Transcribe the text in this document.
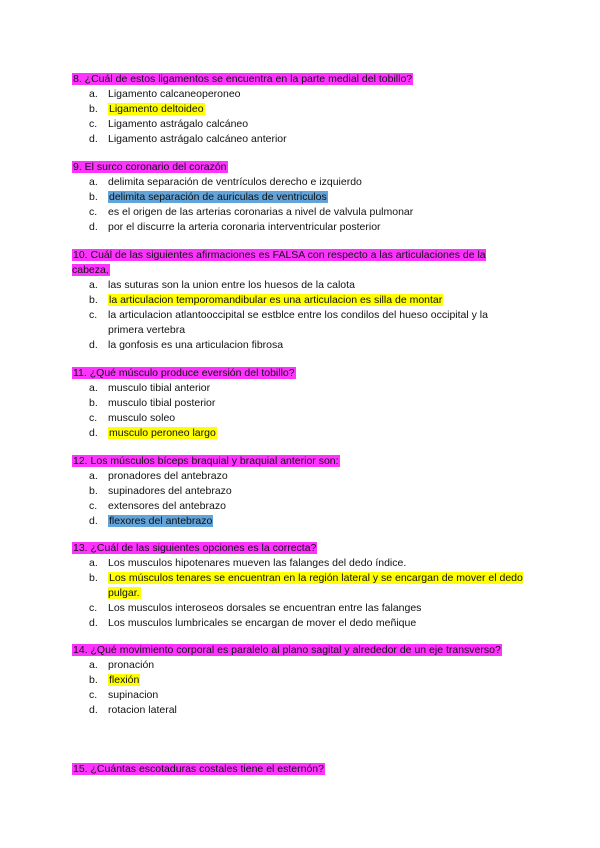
8. ¿Cuál de estos ligamentos se encuentra en la parte medial del tobillo?

a. Ligamento calcaneoperoneo
b. Ligamento deltoideo
c. Ligamento astrágalo calcáneo
d. Ligamento astrágalo calcáneo anterior

9. El surco coronario del corazón

a. delimita separación de ventrículos derecho e izquierdo
b. delimita separación de auriculas de ventriculos
c. es el origen de las arterias coronarias a nivel de valvula pulmonar
d. por el discurre la arteria coronaria interventricular posterior

10. Cuál de las siguientes afirmaciones es FALSA con respecto a las articulaciones de la cabeza,

a. las suturas son la union entre los huesos de la calota
b. la articulacion temporomandibular es una articulacion es silla de montar
c. la articulacion atlantooccipital se estblce entre los condilos del hueso occipital y la primera vertebra
d. la gonfosis es una articulacion fibrosa

11. ¿Qué músculo produce eversión del tobillo?

a. musculo tibial anterior
b. musculo tibial posterior
c. musculo soleo
d. musculo peroneo largo

12. Los músculos bíceps braquial y braquial anterior son:

a. pronadores del antebrazo
b. supinadores del antebrazo
c. extensores del antebrazo
d. flexores del antebrazo

13. ¿Cuál de las siguientes opciones es la correcta?

a. Los musculos hipotenares mueven las falanges del dedo índice.
b. Los músculos tenares se encuentran en la región lateral y se encargan de mover el dedo pulgar.
c. Los musculos interoseos dorsales se encuentran entre las falanges
d. Los musculos lumbricales se encargan de mover el dedo meñique

14. ¿Qué movimiento corporal es paralelo al plano sagital y alrededor de un eje transverso?

a. pronación
b. flexión
c. supinacion
d. rotacion lateral

15. ¿Cuántas escotaduras costales tiene el esternón?
